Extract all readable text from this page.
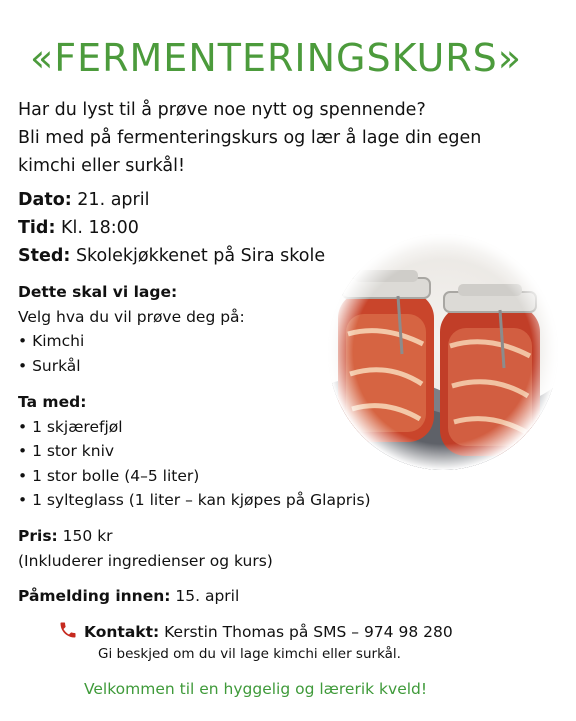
«FERMENTERINGSKURS»
Har du lyst til å prøve noe nytt og spennende?
Bli med på fermenteringskurs og lær å lage din egen
kimchi eller surkål!
Dato: 21. april
Tid: Kl. 18:00
Sted: Skolekjøkkenet på Sira skole
Dette skal vi lage:
Velg hva du vil prøve deg på:
• Kimchi
• Surkål
Ta med:
• 1 skjærefjøl
• 1 stor kniv
• 1 stor bolle (4–5 liter)
• 1 sylteglass (1 liter – kan kjøpes på Glapris)
Pris: 150 kr
(Inkluderer ingredienser og kurs)
Påmelding innen: 15. april
Kontakt: Kerstin Thomas på SMS – 974 98 280
Gi beskjed om du vil lage kimchi eller surkål.
Velkommen til en hyggelig og lærerik kveld!
